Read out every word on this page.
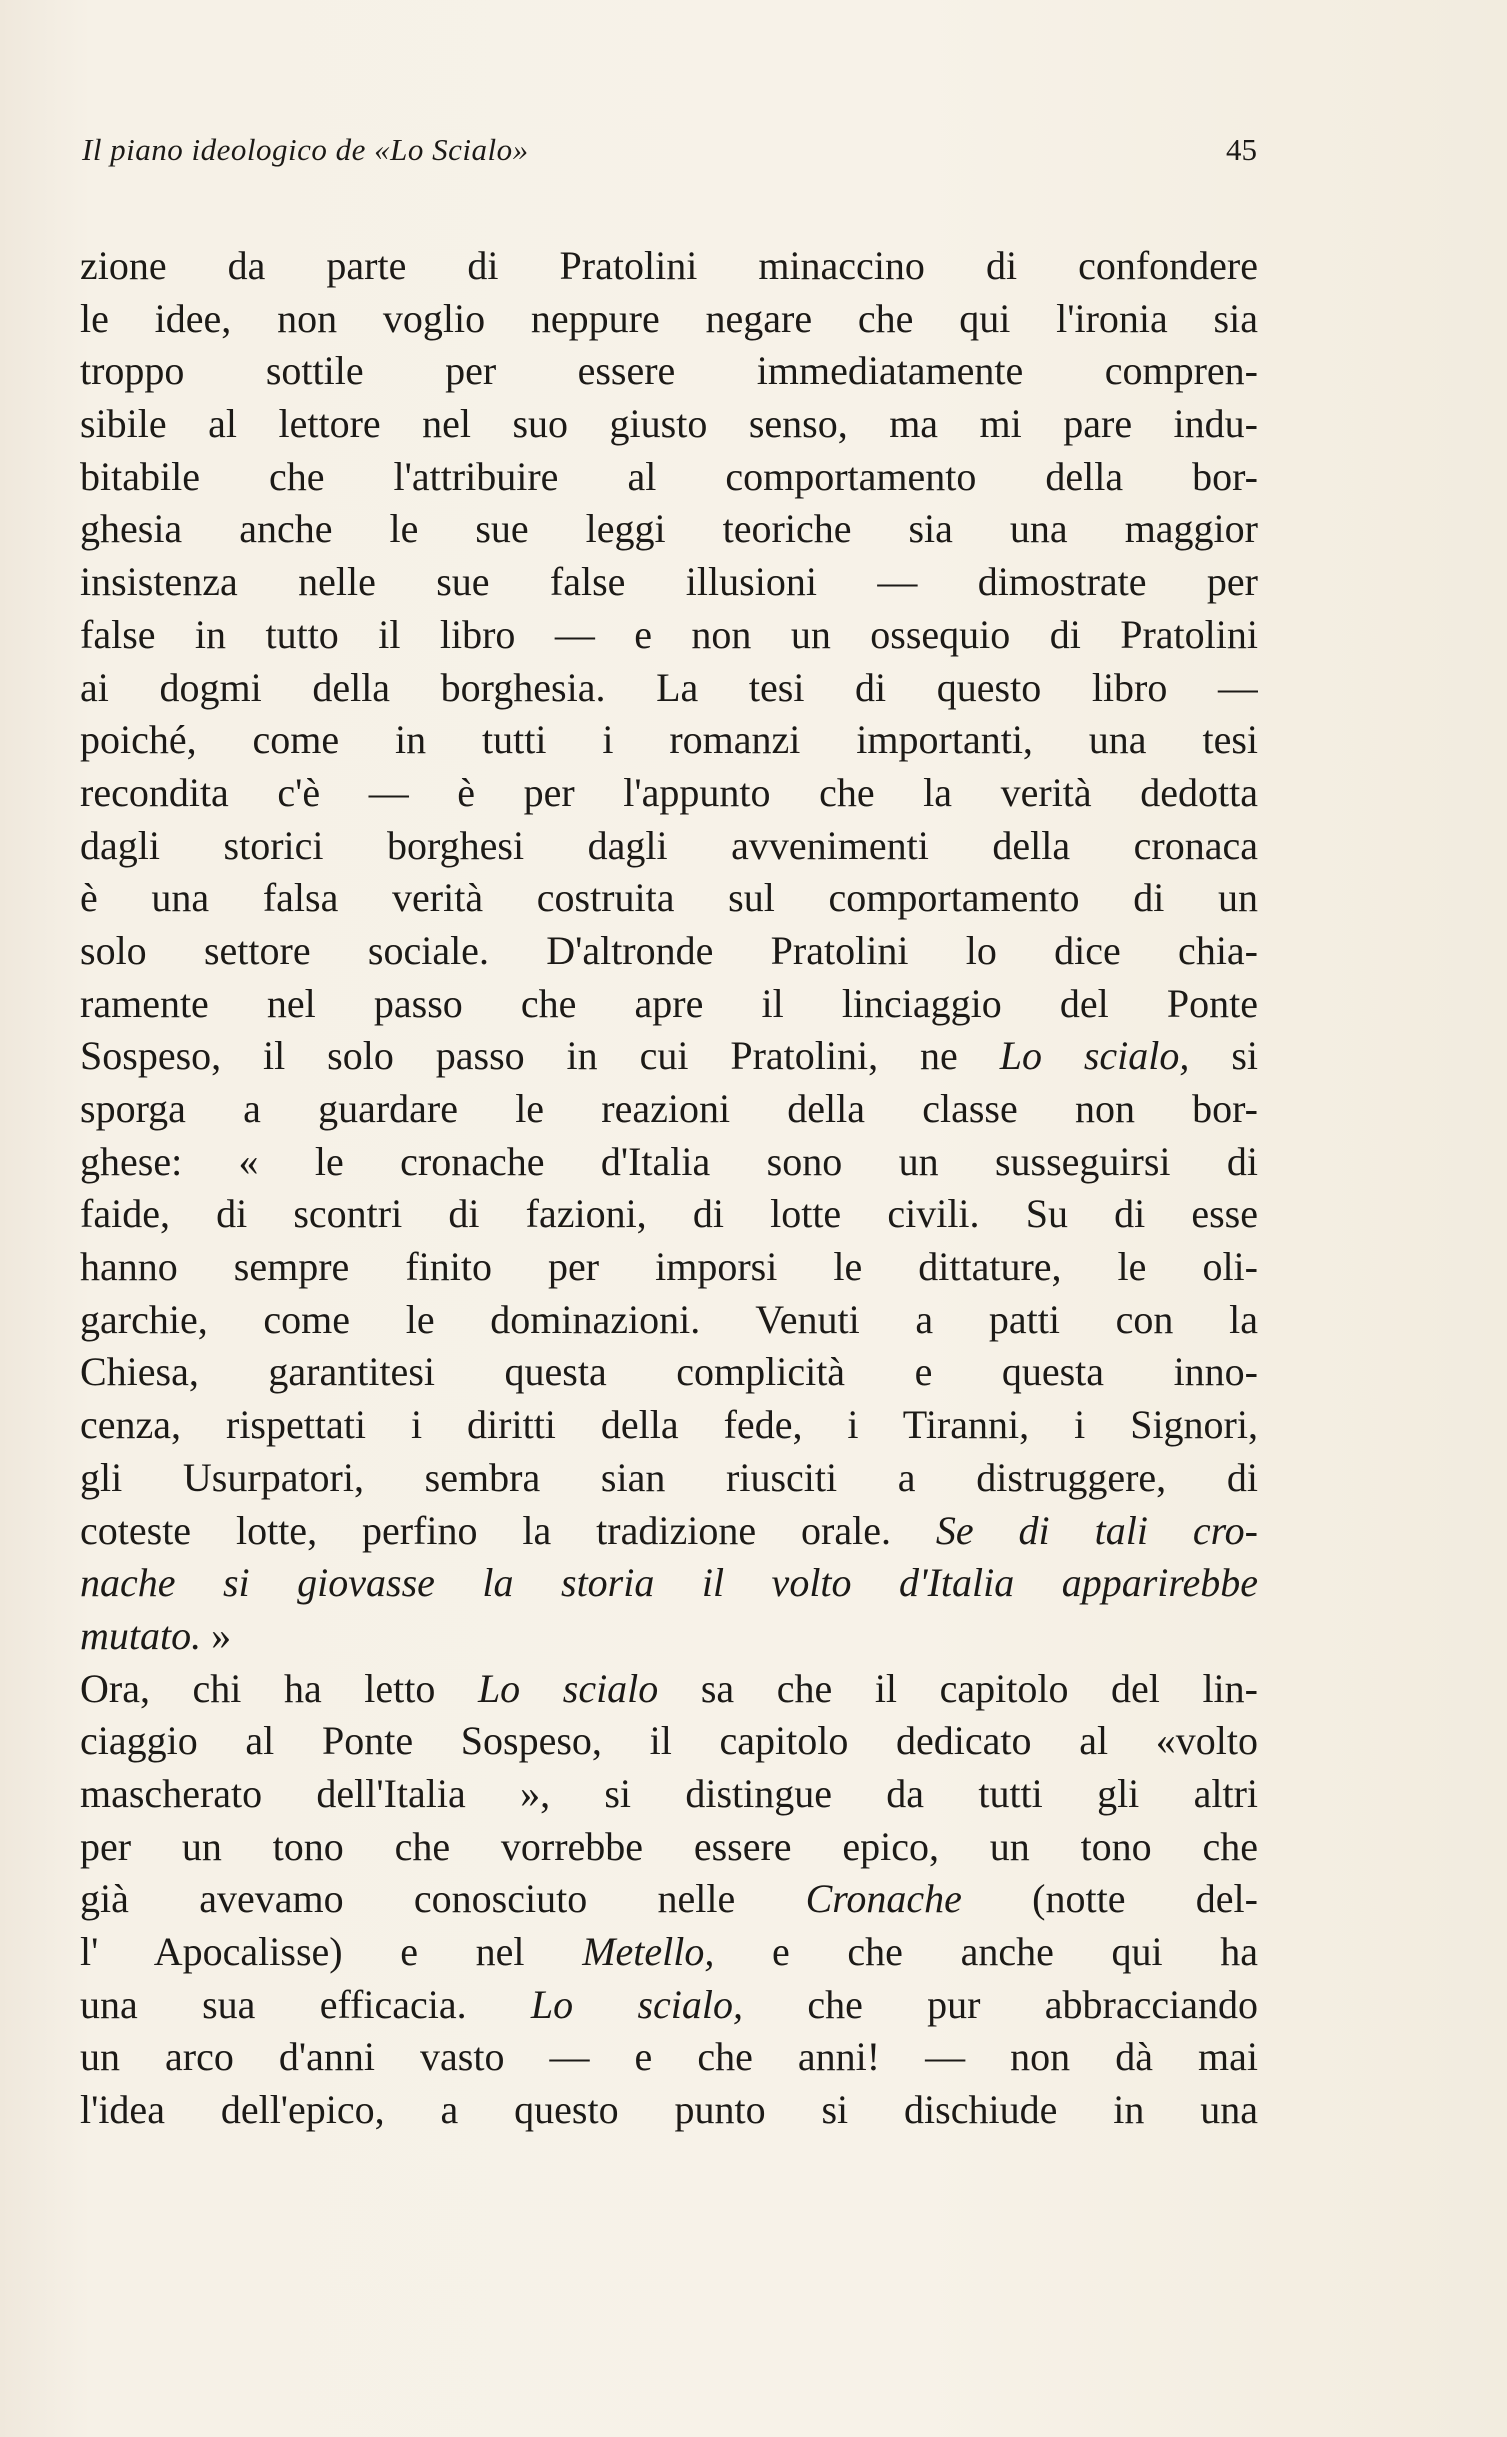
Il piano ideologico de «Lo Scialo»	45
zione da parte di Pratolini minaccino di confondere
le idee, non voglio neppure negare che qui l'ironia sia
troppo sottile per essere immediatamente compren-
sibile al lettore nel suo giusto senso, ma mi pare indu-
bitabile che l'attribuire al comportamento della bor-
ghesia anche le sue leggi teoriche sia una maggior
insistenza nelle sue false illusioni — dimostrate per
false in tutto il libro — e non un ossequio di Pratolini
ai dogmi della borghesia. La tesi di questo libro —
poiché, come in tutti i romanzi importanti, una tesi
recondita c'è — è per l'appunto che la verità dedotta
dagli storici borghesi dagli avvenimenti della cronaca
è una falsa verità costruita sul comportamento di un
solo settore sociale. D'altronde Pratolini lo dice chia-
ramente nel passo che apre il linciaggio del Ponte
Sospeso, il solo passo in cui Pratolini, ne Lo scialo, si
sporga a guardare le reazioni della classe non bor-
ghese: « le cronache d'Italia sono un susseguirsi di
faide, di scontri di fazioni, di lotte civili. Su di esse
hanno sempre finito per imporsi le dittature, le oli-
garchie, come le dominazioni. Venuti a patti con la
Chiesa, garantitesi questa complicità e questa inno-
cenza, rispettati i diritti della fede, i Tiranni, i Signori,
gli Usurpatori, sembra sian riusciti a distruggere, di
coteste lotte, perfino la tradizione orale. Se di tali cro-
nache si giovasse la storia il volto d'Italia apparirebbe
mutato. »
Ora, chi ha letto Lo scialo sa che il capitolo del lin-
ciaggio al Ponte Sospeso, il capitolo dedicato al «volto
mascherato dell'Italia », si distingue da tutti gli altri
per un tono che vorrebbe essere epico, un tono che
già avevamo conosciuto nelle Cronache (notte del-
l' Apocalisse) e nel Metello, e che anche qui ha
una sua efficacia. Lo scialo, che pur abbracciando
un arco d'anni vasto — e che anni! — non dà mai
l'idea dell'epico, a questo punto si dischiude in una
